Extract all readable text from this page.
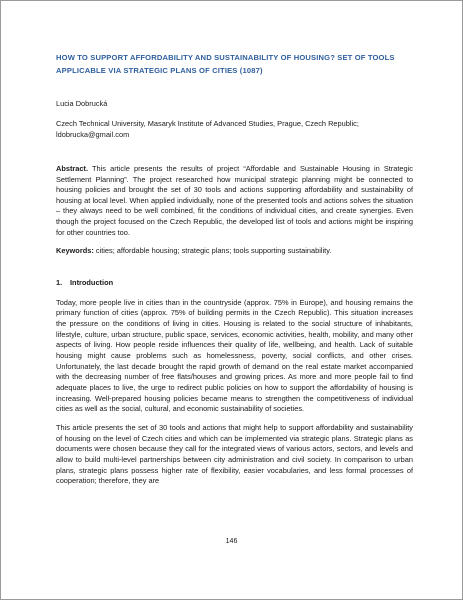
HOW TO SUPPORT AFFORDABILITY AND SUSTAINABILITY OF HOUSING? SET OF TOOLS APPLICABLE VIA STRATEGIC PLANS OF CITIES (1087)
Lucia Dobrucká
Czech Technical University, Masaryk Institute of Advanced Studies, Prague, Czech Republic;
ldobrucka@gmail.com

Abstract. This article presents the results of project “Affordable and Sustainable Housing in Strategic Settlement Planning”. The project researched how municipal strategic planning might be connected to housing policies and brought the set of 30 tools and actions supporting affordability and sustainability of housing at local level. When applied individually, none of the presented tools and actions solves the situation – they always need to be well combined, fit the conditions of individual cities, and create synergies. Even though the project focused on the Czech Republic, the developed list of tools and actions might be inspiring for other countries too.

Keywords: cities; affordable housing; strategic plans; tools supporting sustainability.

1. Introduction

Today, more people live in cities than in the countryside (approx. 75% in Europe), and housing remains the primary function of cities (approx. 75% of building permits in the Czech Republic). This situation increases the pressure on the conditions of living in cities. Housing is related to the social structure of inhabitants, lifestyle, culture, urban structure, public space, services, economic activities, health, mobility, and many other aspects of living. How people reside influences their quality of life, wellbeing, and health. Lack of suitable housing might cause problems such as homelessness, poverty, social conflicts, and other crises. Unfortunately, the last decade brought the rapid growth of demand on the real estate market accompanied with the decreasing number of free flats/houses and growing prices. As more and more people fail to find adequate places to live, the urge to redirect public policies on how to support the affordability of housing is increasing. Well-prepared housing policies became means to strengthen the competitiveness of individual cities as well as the social, cultural, and economic sustainability of societies.

This article presents the set of 30 tools and actions that might help to support affordability and sustainability of housing on the level of Czech cities and which can be implemented via strategic plans. Strategic plans as documents were chosen because they call for the integrated views of various actors, sectors, and levels and allow to build multi-level partnerships between city administration and civil society. In comparison to urban plans, strategic plans possess higher rate of flexibility, easier vocabularies, and less formal processes of cooperation; therefore, they are

146
